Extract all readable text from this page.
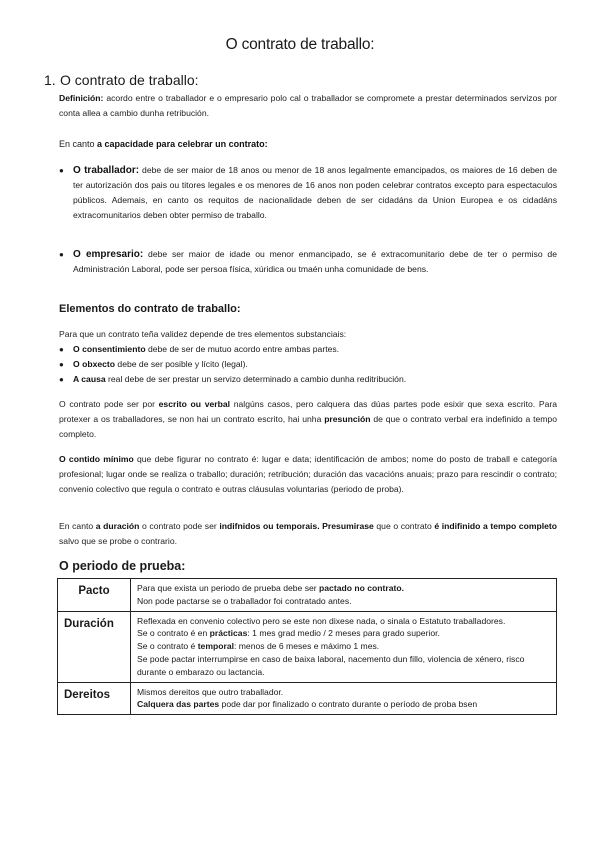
O contrato de traballo:
1. O contrato de traballo:
Definición: acordo entre o traballador e o empresario polo cal o traballador se compromete a prestar determinados servizos por conta allea a cambio dunha retribución.
En canto a capacidade para celebrar un contrato:
● O traballador: debe de ser maior de 18 anos ou menor de 18 anos legalmente emancipados, os maiores de 16 deben de ter autorización dos pais ou titores legales e os menores de 16 anos non poden celebrar contratos excepto para espectaculos públicos. Ademais, en canto os requitos de nacionalidade deben de ser cidadáns da Union Europea e os cidadáns extracomunitarios deben obter permiso de traballo.
● O empresario: debe ser maior de idade ou menor enmancipado, se é extracomunitario debe de ter o permiso de Administración Laboral, pode ser persoa física, xúridica ou tmaén unha comunidade de bens.
Elementos do contrato de traballo:
Para que un contrato teña validez depende de tres elementos substanciais:
● O consentimiento debe de ser de mutuo acordo entre ambas partes.
● O obxecto debe de ser posible y lícito (legal).
● A causa real debe de ser prestar un servizo determinado a cambio dunha reditribución.
O contrato pode ser por escrito ou verbal nalgúns casos, pero calquera das dúas partes pode esixir que sexa escrito. Para protexer a os traballadores, se non hai un contrato escrito, hai unha presunción de que o contrato verbal era indefinido a tempo completo.
O contido mínimo que debe figurar no contrato é: lugar e data; identificación de ambos; nome do posto de traball e categoría profesional; lugar onde se realiza o traballo; duración; retribución; duración das vacacións anuais; prazo para rescindir o contrato; convenio colectivo que regula o contrato e outras cláusulas voluntarias (periodo de proba).
En canto a duración o contrato pode ser indifnidos ou temporais. Presumirase que o contrato é indifinido a tempo completo salvo que se probe o contrario.
O periodo de prueba:
Pacto	Para que exista un periodo de prueba debe ser pactado no contrato.
Non pode pactarse se o traballador foi contratado antes.

Duración	Reflexada en convenio colectivo pero se este non dixese nada, o sinala o Estatuto traballadores.
Se o contrato é en prácticas: 1 mes grad medio / 2 meses para grado superior.
Se o contrato é temporal: menos de 6 meses e máximo 1 mes.
Se pode pactar interrumpirse en caso de baixa laboral, nacemento dun fillo, violencia de xénero, risco durante o embarazo ou lactancia.

Dereitos	Mismos dereitos que outro traballador.
Calquera das partes pode dar por finalizado o contrato durante o período de proba bsen
